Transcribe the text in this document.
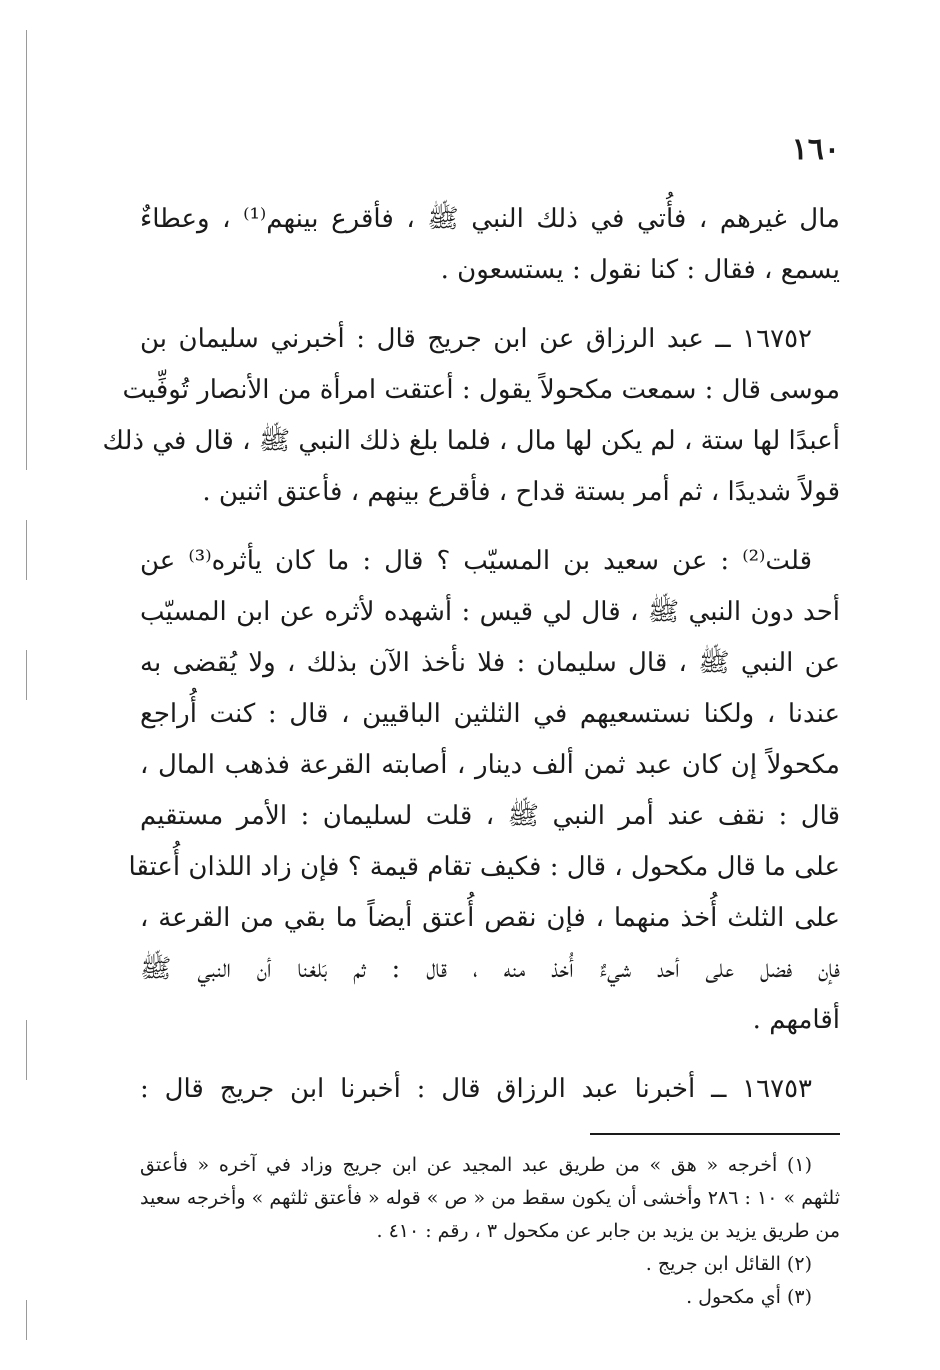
١٦٠
مال غيرهم ، فأُتي في ذلك النبي ﷺ ، فأقرع بينهم⁽¹⁾ ، وعطاءٌ
يسمع ، فقال : كنا نقول : يستسعون .
١٦٧٥٢ ــ عبد الرزاق عن ابن جريج قال : أخبرني سليمان بن
موسى قال : سمعت مكحولاً يقول : أعتقت امرأة من الأنصار تُوفِّيت
أعبدًا لها ستة ، لم يكن لها مال ، فلما بلغ ذلك النبي ﷺ ، قال في ذلك
قولاً شديدًا ، ثم أمر بستة قداح ، فأقرع بينهم ، فأعتق اثنين .
قلت⁽²⁾ : عن سعيد بن المسيّب ؟ قال : ما كان يأثره⁽³⁾ عن
أحد دون النبي ﷺ ، قال لي قيس : أشهده لأثره عن ابن المسيّب
عن النبي ﷺ ، قال سليمان : فلا نأخذ الآن بذلك ، ولا يُقضى به
عندنا ، ولكنا نستسعيهم في الثلثين الباقيين ، قال : كنت أُراجع
مكحولاً إن كان عبد ثمن ألف دينار ، أصابته القرعة فذهب المال ،
قال : نقف عند أمر النبي ﷺ ، قلت لسليمان : الأمر مستقيم
على ما قال مكحول ، قال : فكيف تقام قيمة ؟ فإن زاد اللذان أُعتقا
على الثلث أُخذ منهما ، فإن نقص أُعتق أيضاً ما بقي من القرعة ،
فإن فضل على أحد شيءٌ أُخذ منه ، قال : ثم بَلغنا أن النبي ﷺ
أقامهم .
١٦٧٥٣ ــ أخبرنا عبد الرزاق قال : أخبرنا ابن جريج قال :
(١) أخرجه « هق » من طريق عبد المجيد عن ابن جريج وزاد في آخره « فأعتق
ثلثهم » ١٠ : ٢٨٦ وأخشى أن يكون سقط من « ص » قوله « فأعتق ثلثهم » وأخرجه سعيد
من طريق يزيد بن يزيد بن جابر عن مكحول ٣ ، رقم : ٤١٠ .
(٢) القائل ابن جريج .
(٣) أي مكحول .
